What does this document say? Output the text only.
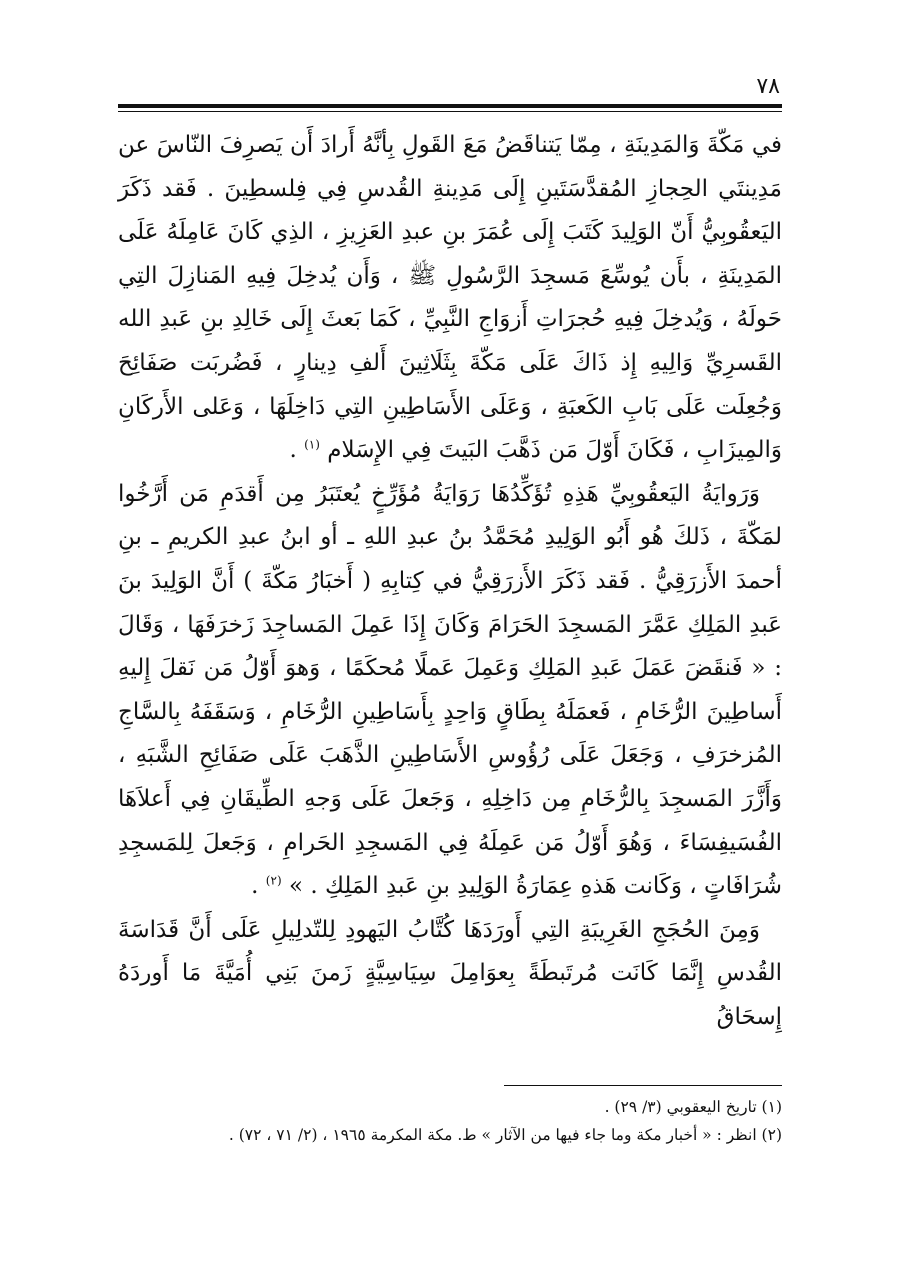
٧٨

في مَكّةَ وَالمَدِينَةِ ، مِمّا يَتناقَضُ مَعَ القَولِ بِأنَّهُ أَرادَ أَن يَصرِفَ النّاسَ عن مَدِينتَي الحِجازِ المُقدَّسَتَينِ إِلَى مَدِينةِ القُدسِ فِي فِلسطِينَ . فَقد ذَكَرَ اليَعقُوبِيُّ أَنّ الوَلِيدَ كَتَبَ إِلَى عُمَرَ بنِ عبدِ العَزِيزِ ، الذِي كَانَ عَامِلَهُ عَلَى المَدِينَةِ ، بأَن يُوسِّعَ مَسجِدَ الرَّسُولِ ﷺ ، وَأَن يُدخِلَ فِيهِ المَنازِلَ التِي حَولَهُ ، وَيُدخِلَ فِيهِ حُجرَاتِ أَزوَاجِ النَّبِيِّ ، كَمَا بَعثَ إِلَى خَالِدِ بنِ عَبدِ الله القَسرِيِّ وَالِيهِ إِذ ذَاكَ عَلَى مَكّةَ بِثَلَاثِينَ أَلفِ دِينارٍ ، فَضُربَت صَفَائِحَ وَجُعِلَت عَلَى بَابِ الكَعبَةِ ، وَعَلَى الأَسَاطِينِ التِي دَاخِلَهَا ، وَعَلى الأَركَانِ وَالمِيزَابِ ، فَكَانَ أَوّلَ مَن ذَهَّبَ البَيتَ فِي الإِسَلام $^{(١)}$ .

وَرَوايَةُ اليَعقُوبِيِّ هَذِهِ تُؤَكِّدُهَا رَوَايَةُ مُؤَرِّخٍ يُعتَبَرُ مِن أَقدَمِ مَن أَرَّخُوا لمَكّةَ ، ذَلكَ هُو أَبُو الوَلِيدِ مُحَمَّدُ بنُ عبدِ اللهِ ـ أو ابنُ عبدِ الكريمِ ـ بنِ أحمدَ الأَزرَقِيُّ . فَقد ذَكَرَ الأَزرَقِيُّ في كِتابِهِ ( أَخبَارُ مَكّةَ ) أَنَّ الوَلِيدَ بنَ عَبدِ المَلِكِ عَمَّرَ المَسجِدَ الحَرَامَ وَكَانَ إِذَا عَمِلَ المَساجِدَ زَخرَفَهَا ، وَقَالَ : « فَنقَضَ عَمَلَ عَبدِ المَلِكِ وَعَمِلَ عَملًا مُحكَمًا ، وَهوَ أَوّلُ مَن نَقلَ إِليهِ أَساطِينَ الرُّخَامِ ، فَعمَلَهُ بِطَاقٍ وَاحِدٍ بِأَسَاطِينِ الرُّخَامِ ، وَسَقَفَهُ بِالسَّاجِ المُزخرَفِ ، وَجَعَلَ عَلَى رُؤُوسِ الأَسَاطِينِ الذَّهَبَ عَلَى صَفَائِحِ الشَّبَهِ ، وَأَزَّرَ المَسجِدَ بِالرُّخَامِ مِن دَاخِلِهِ ، وَجَعلَ عَلَى وَجهِ الطِّيقَانِ فِي أَعلاَهَا الفُسَيفِسَاءَ ، وَهُوَ أَوّلُ مَن عَمِلَهُ فِي المَسجِدِ الحَرامِ ، وَجَعلَ لِلمَسجِدِ شُرَافَاتٍ ، وَكَانت هَذهِ عِمَارَةُ الوَلِيدِ بنِ عَبدِ المَلِكِ . » $^{(٢)}$ .

وَمِنَ الحُجَجِ الغَرِيبَةِ التِي أَورَدَهَا كُتَّابُ اليَهودِ لِلتّدلِيلِ عَلَى أَنَّ قَدَاسَةَ القُدسِ إِنَّمَا كَانَت مُرتَبطَةً بِعوَامِلَ سِيَاسِيَّةٍ زَمنَ بَنِي أُمَيَّةَ مَا أَوردَهُ إِسحَاقُ

(١) تاريخ اليعقوبي (٣/ ٢٩) .
(٢) انظر : « أخبار مكة وما جاء فيها من الآثار » ط. مكة المكرمة ١٩٦٥ ، (٢/ ٧١ ، ٧٢) .
